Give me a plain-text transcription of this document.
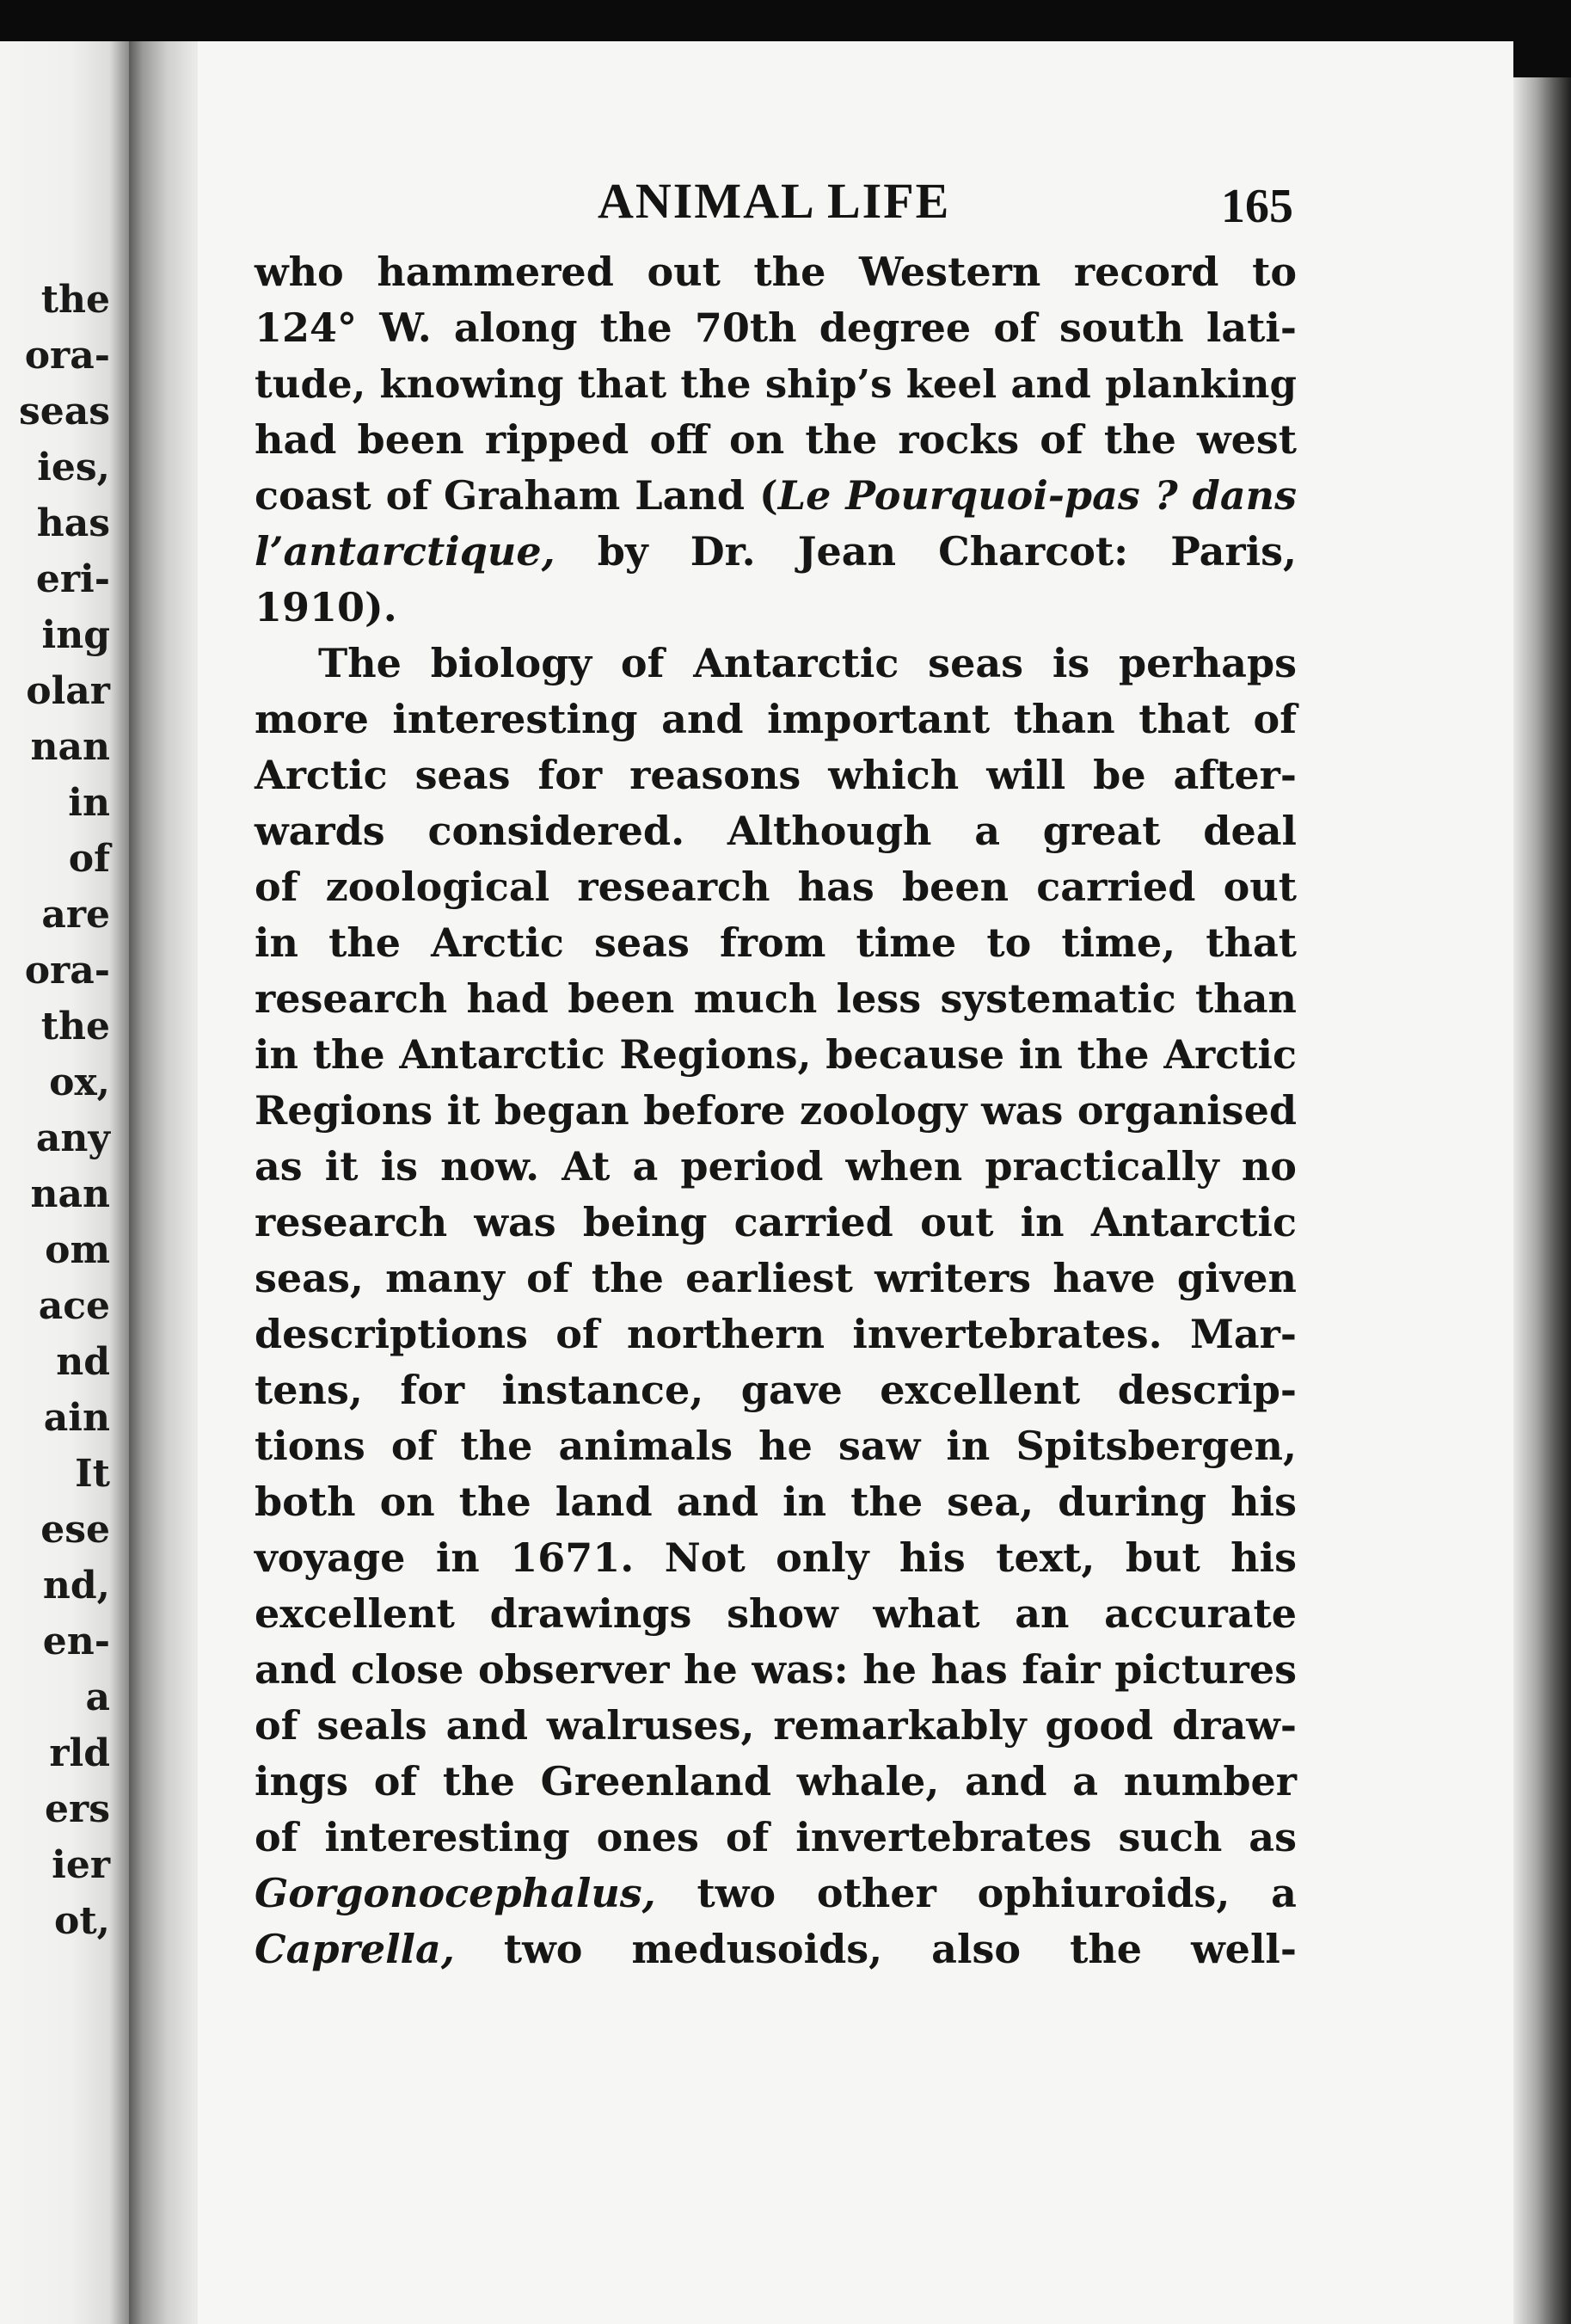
the
ora-
seas
ies,
has
eri-
ing
olar
nan
in
of
are
ora-
the
ox,
any
nan
om
ace
nd
ain
It
ese
nd,
en-
a
rld
ers
ier
ot,
ANIMAL LIFE	165
who hammered out the Western record to
124° W. along the 70th degree of south lati-
tude, knowing that the ship’s keel and planking
had been ripped off on the rocks of the west
coast of Graham Land (Le Pourquoi-pas ? dans
l’antarctique, by Dr. Jean Charcot: Paris,
1910).
The biology of Antarctic seas is perhaps
more interesting and important than that of
Arctic seas for reasons which will be after-
wards considered. Although a great deal
of zoological research has been carried out
in the Arctic seas from time to time, that
research had been much less systematic than
in the Antarctic Regions, because in the Arctic
Regions it began before zoology was organised
as it is now. At a period when practically no
research was being carried out in Antarctic
seas, many of the earliest writers have given
descriptions of northern invertebrates. Mar-
tens, for instance, gave excellent descrip-
tions of the animals he saw in Spitsbergen,
both on the land and in the sea, during his
voyage in 1671. Not only his text, but his
excellent drawings show what an accurate
and close observer he was: he has fair pictures
of seals and walruses, remarkably good draw-
ings of the Greenland whale, and a number
of interesting ones of invertebrates such as
Gorgonocephalus, two other ophiuroids, a
Caprella, two medusoids, also the well-
